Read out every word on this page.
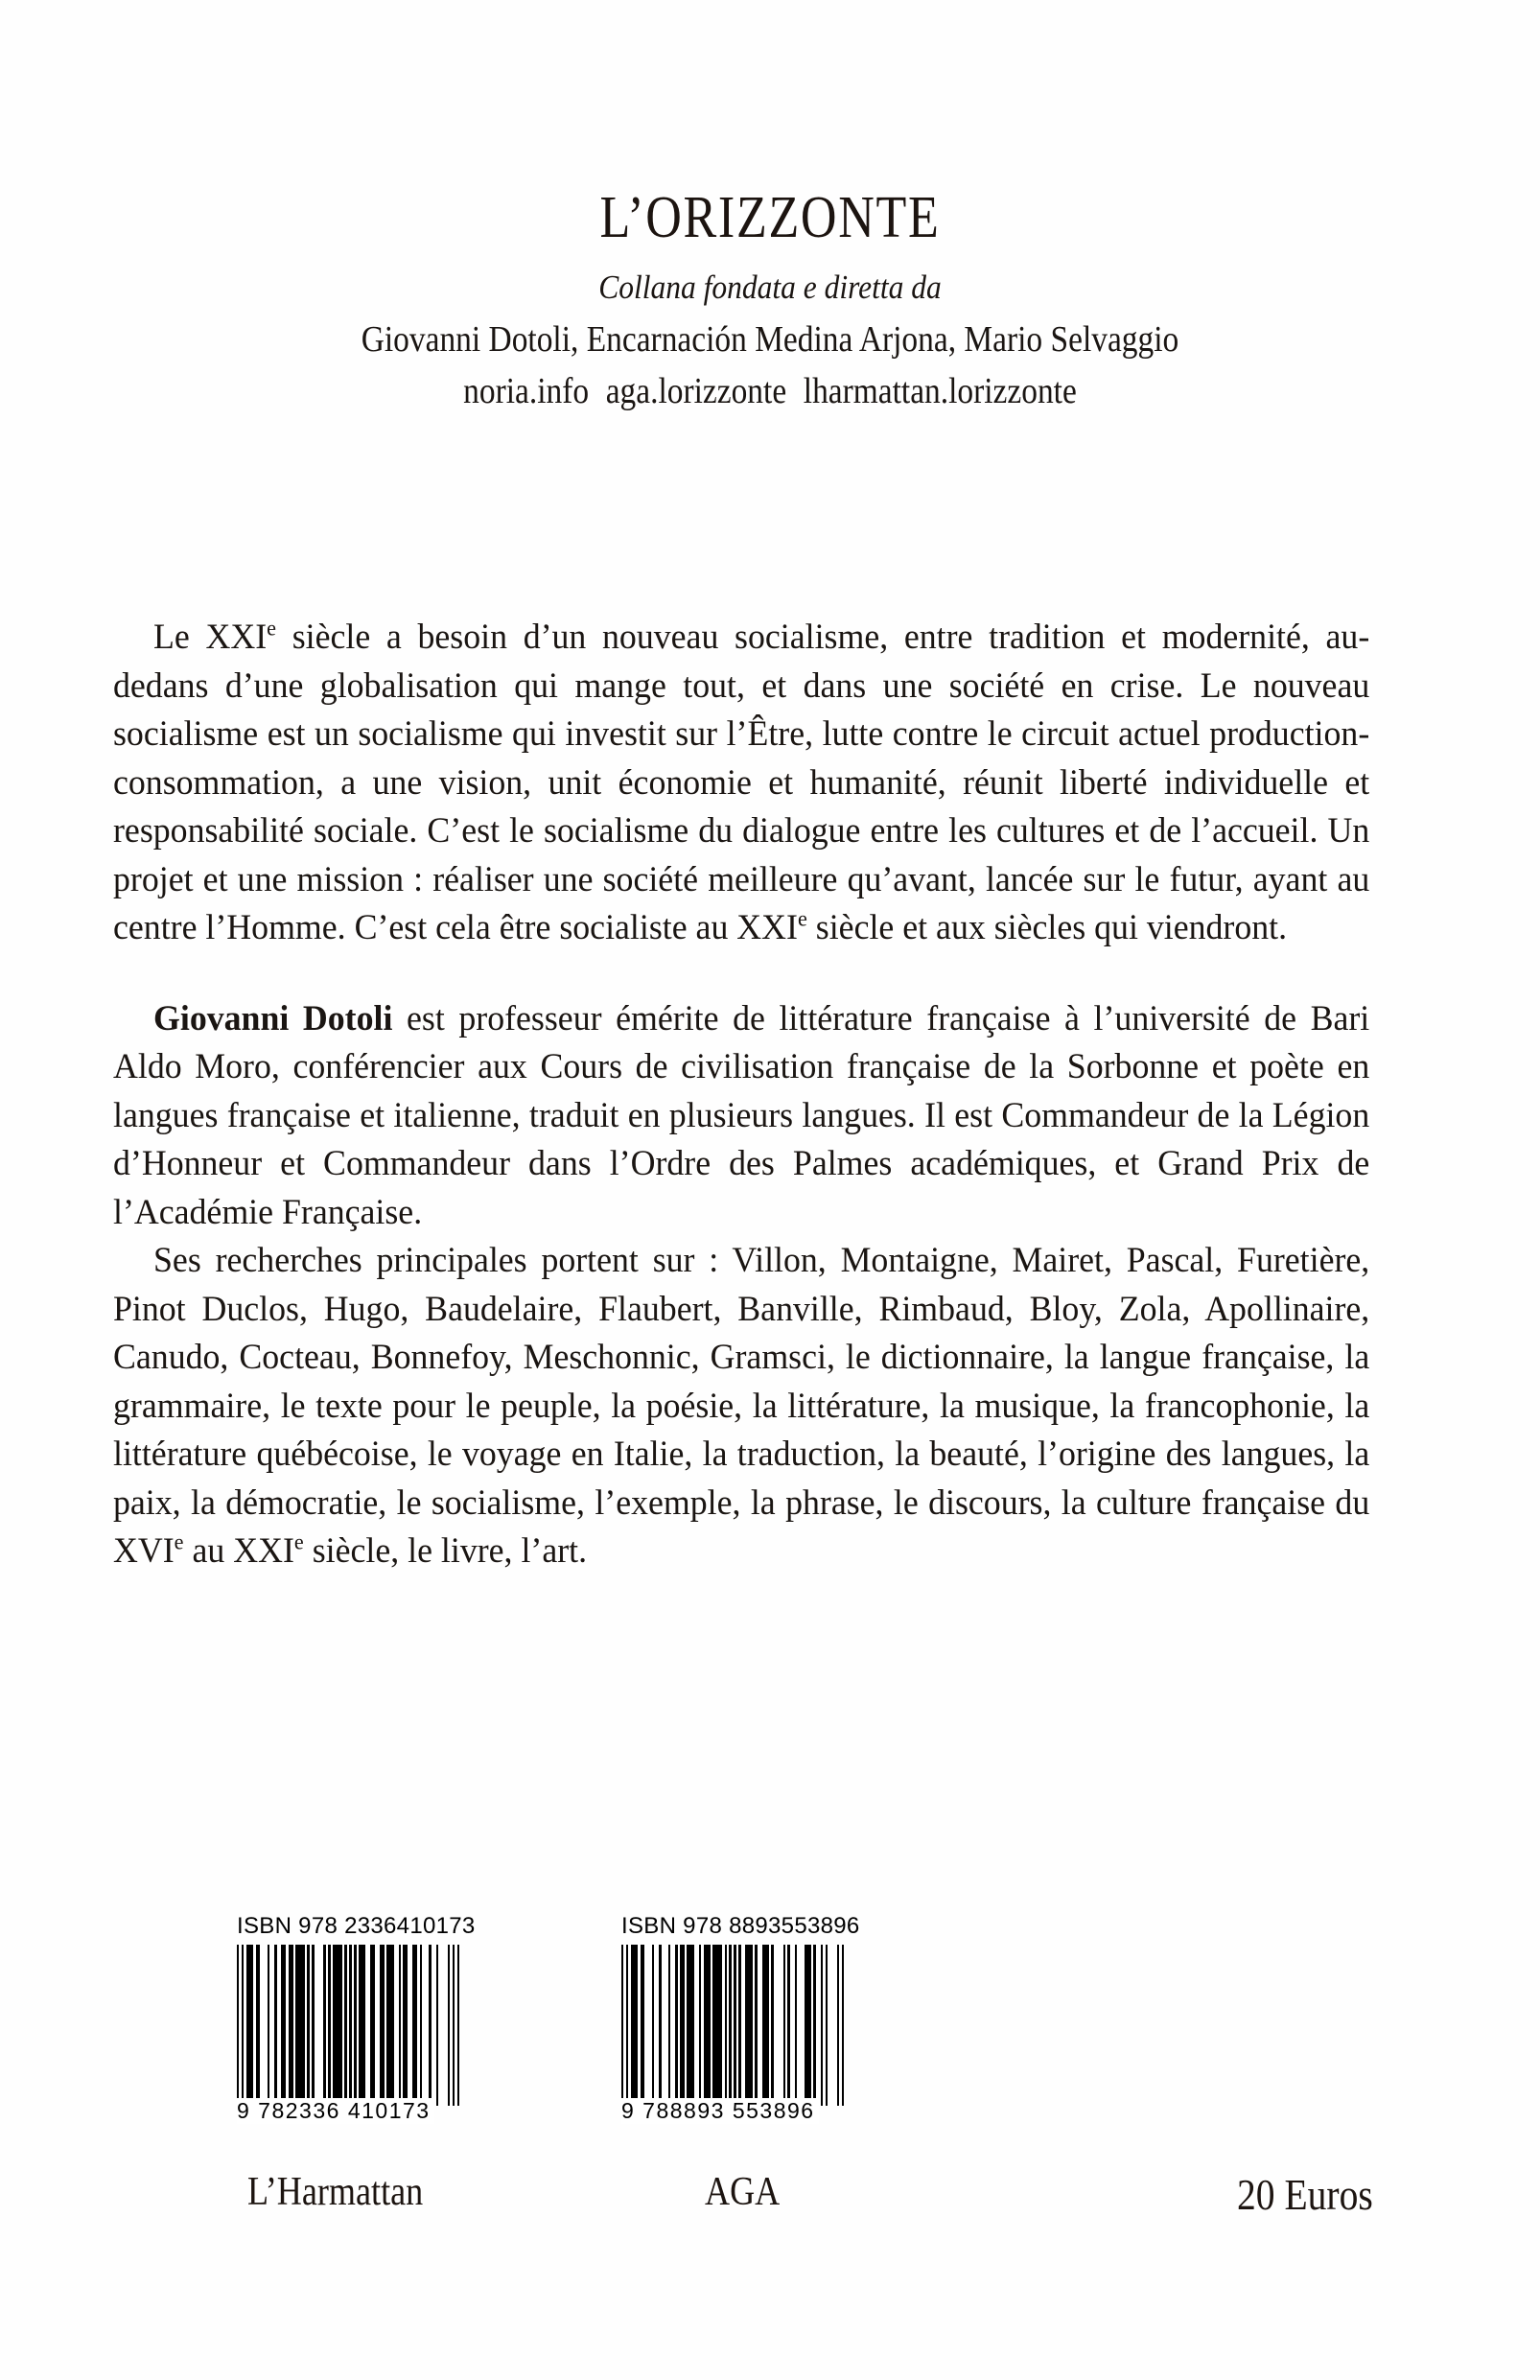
L’ORIZZONTE
Collana fondata e diretta da
Giovanni Dotoli, Encarnación Medina Arjona, Mario Selvaggio
noria.info aga.lorizzonte lharmattan.lorizzonte

Le XXIe siècle a besoin d’un nouveau socialisme, entre tradition et modernité, au-dedans d’une globalisation qui mange tout, et dans une société en crise. Le nouveau socialisme est un socialisme qui investit sur l’Être, lutte contre le circuit actuel production-consommation, a une vision, unit économie et humanité, réunit liberté individuelle et responsabilité sociale. C’est le socialisme du dialogue entre les cultures et de l’accueil. Un projet et une mission : réaliser une société meilleure qu’avant, lancée sur le futur, ayant au centre l’Homme. C’est cela être socialiste au XXIe siècle et aux siècles qui viendront.

Giovanni Dotoli est professeur émérite de littérature française à l’université de Bari Aldo Moro, conférencier aux Cours de civilisation française de la Sorbonne et poète en langues française et italienne, traduit en plusieurs langues. Il est Commandeur de la Légion d’Honneur et Commandeur dans l’Ordre des Palmes académiques, et Grand Prix de l’Académie Française.

Ses recherches principales portent sur : Villon, Montaigne, Mairet, Pascal, Furetière, Pinot Duclos, Hugo, Baudelaire, Flaubert, Banville, Rimbaud, Bloy, Zola, Apollinaire, Canudo, Cocteau, Bonnefoy, Meschonnic, Gramsci, le dictionnaire, la langue française, la grammaire, le texte pour le peuple, la poésie, la littérature, la musique, la francophonie, la littérature québécoise, le voyage en Italie, la traduction, la beauté, l’origine des langues, la paix, la démocratie, le socialisme, l’exemple, la phrase, le discours, la culture française du XVIe au XXIe siècle, le livre, l’art.

ISBN 978 2336410173
9 782336 410173
ISBN 978 8893553896
9 788893 553896
L’Harmattan	AGA	20 Euros
